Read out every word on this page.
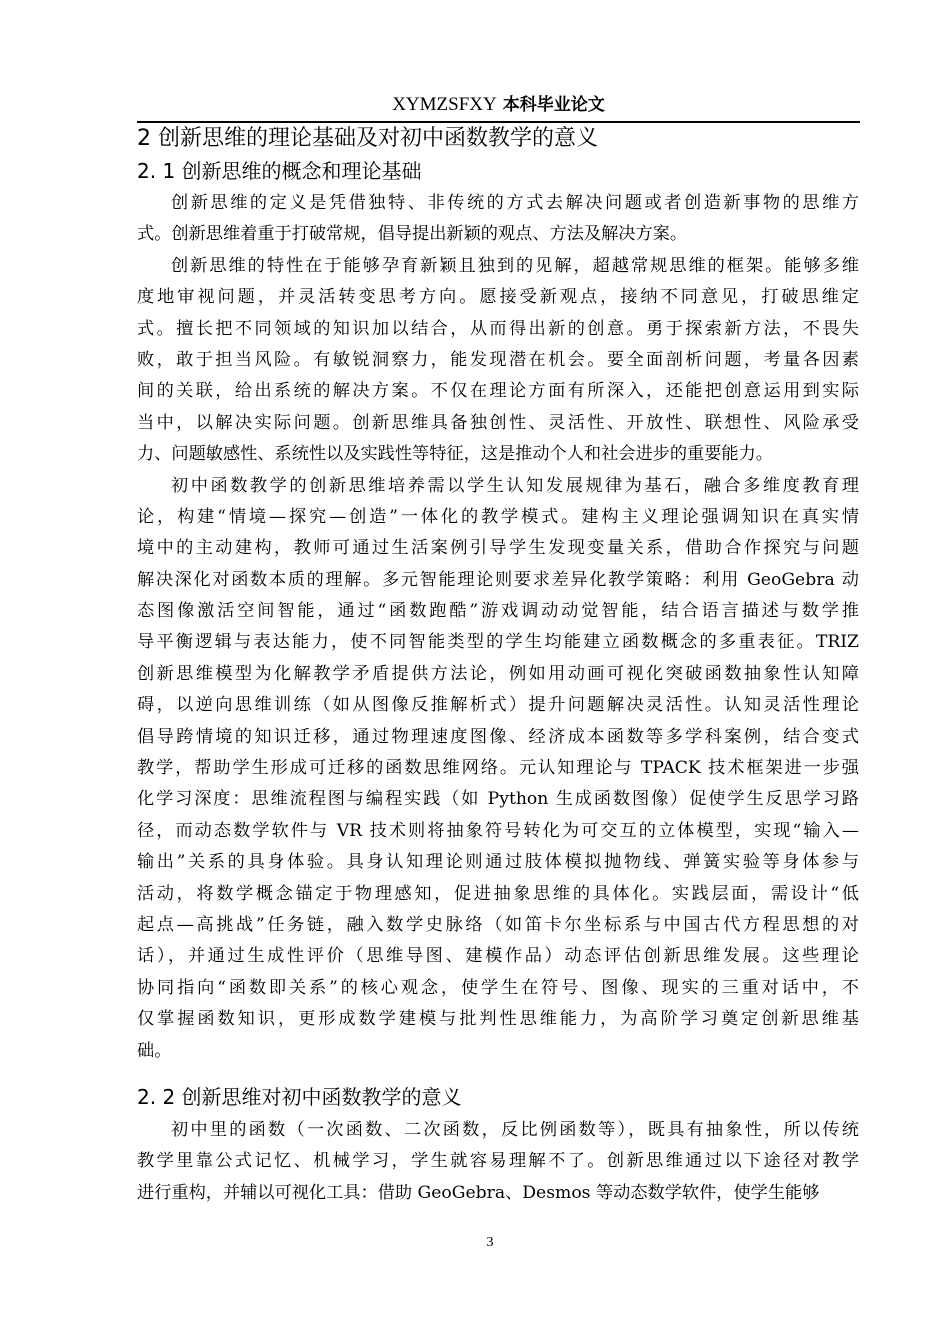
XYMZSFXY 本科毕业论文
2 创新思维的理论基础及对初中函数教学的意义
2. 1 创新思维的概念和理论基础
创新思维的定义是凭借独特、非传统的方式去解决问题或者创造新事物的思维方
式。创新思维着重于打破常规，倡导提出新颖的观点、方法及解决方案。
创新思维的特性在于能够孕育新颖且独到的见解，超越常规思维的框架。能够多维
度地审视问题，并灵活转变思考方向。愿接受新观点，接纳不同意见，打破思维定
式。擅长把不同领域的知识加以结合，从而得出新的创意。勇于探索新方法，不畏失
败，敢于担当风险。有敏锐洞察力，能发现潜在机会。要全面剖析问题，考量各因素
间的关联，给出系统的解决方案。不仅在理论方面有所深入，还能把创意运用到实际
当中，以解决实际问题。创新思维具备独创性、灵活性、开放性、联想性、风险承受
力、问题敏感性、系统性以及实践性等特征，这是推动个人和社会进步的重要能力。
初中函数教学的创新思维培养需以学生认知发展规律为基石，融合多维度教育理
论，构建“情境—探究—创造”一体化的教学模式。建构主义理论强调知识在真实情
境中的主动建构，教师可通过生活案例引导学生发现变量关系，借助合作探究与问题
解决深化对函数本质的理解。多元智能理论则要求差异化教学策略：利用 GeoGebra 动
态图像激活空间智能，通过“函数跑酷”游戏调动动觉智能，结合语言描述与数学推
导平衡逻辑与表达能力，使不同智能类型的学生均能建立函数概念的多重表征。TRIZ
创新思维模型为化解教学矛盾提供方法论，例如用动画可视化突破函数抽象性认知障
碍，以逆向思维训练（如从图像反推解析式）提升问题解决灵活性。认知灵活性理论
倡导跨情境的知识迁移，通过物理速度图像、经济成本函数等多学科案例，结合变式
教学，帮助学生形成可迁移的函数思维网络。元认知理论与 TPACK 技术框架进一步强
化学习深度：思维流程图与编程实践（如 Python 生成函数图像）促使学生反思学习路
径，而动态数学软件与 VR 技术则将抽象符号转化为可交互的立体模型，实现“输入—
输出”关系的具身体验。具身认知理论则通过肢体模拟抛物线、弹簧实验等身体参与
活动，将数学概念锚定于物理感知，促进抽象思维的具体化。实践层面，需设计“低
起点—高挑战”任务链，融入数学史脉络（如笛卡尔坐标系与中国古代方程思想的对
话），并通过生成性评价（思维导图、建模作品）动态评估创新思维发展。这些理论
协同指向“函数即关系”的核心观念，使学生在符号、图像、现实的三重对话中，不
仅掌握函数知识，更形成数学建模与批判性思维能力，为高阶学习奠定创新思维基
础。
2. 2 创新思维对初中函数教学的意义
初中里的函数（一次函数、二次函数，反比例函数等），既具有抽象性，所以传统
教学里靠公式记忆、机械学习，学生就容易理解不了。创新思维通过以下途径对教学
进行重构，并辅以可视化工具：借助 GeoGebra、Desmos 等动态数学软件，使学生能够
3
